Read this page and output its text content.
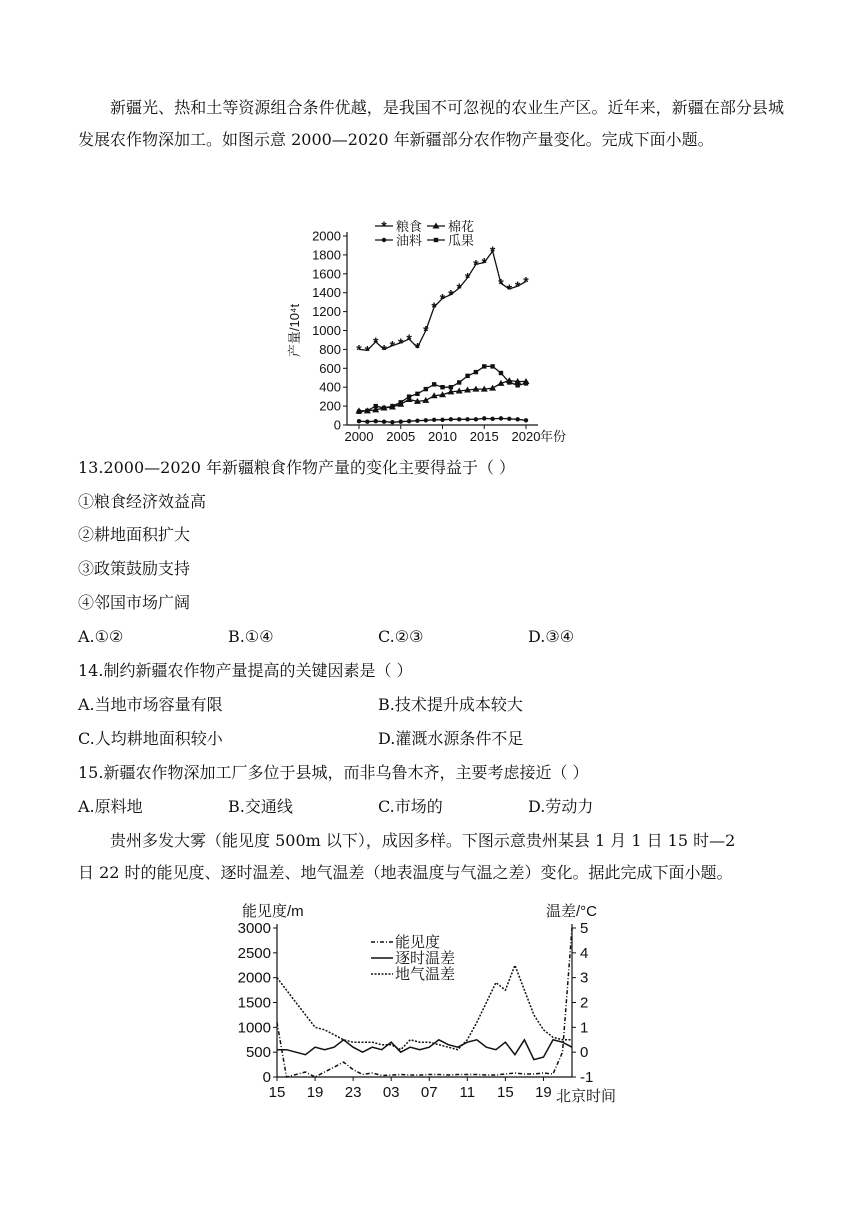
新疆光、热和土等资源组合条件优越，是我国不可忽视的农业生产区。近年来，新疆在部分县城发展农作物深加工。如图示意 2000—2020 年新疆部分农作物产量变化。完成下面小题。
0
200
400
600
800
1000
1200
1400
1600
1800
2000
2000 2005 2010 2015 2020 年份
产量/10⁴t	* *
* * * * *
*
*
*
* * *
*
* *
*
* * * *
* 粮食 棉花
油料 瓜果
13.2000—2020 年新疆粮食作物产量的变化主要得益于（ ）
①粮食经济效益高
②耕地面积扩大
③政策鼓励支持
④邻国市场广阔
A.①②	B.①④	C.②③	D.③④
14.制约新疆农作物产量提高的关键因素是（ ）
A.当地市场容量有限	B.技术提升成本较大
C.人均耕地面积较小	D.灌溉水源条件不足
15.新疆农作物深加工厂多位于县城，而非乌鲁木齐，主要考虑接近（ ）
A.原料地	B.交通线	C.市场的	D.劳动力
贵州多发大雾（能见度 500m 以下），成因多样。下图示意贵州某县 1 月 1 日 15 时—2
日 22 时的能见度、逐时温差、地气温差（地表温度与气温之差）变化。据此完成下面小题。
0
500
1000
1500
2000
2500
3000
-1
0
1
2
3
4
5
15 19 23 03 07 11 15 19 北京时间
能见度/m	温差/°C
能见度
逐时温差
地气温差
